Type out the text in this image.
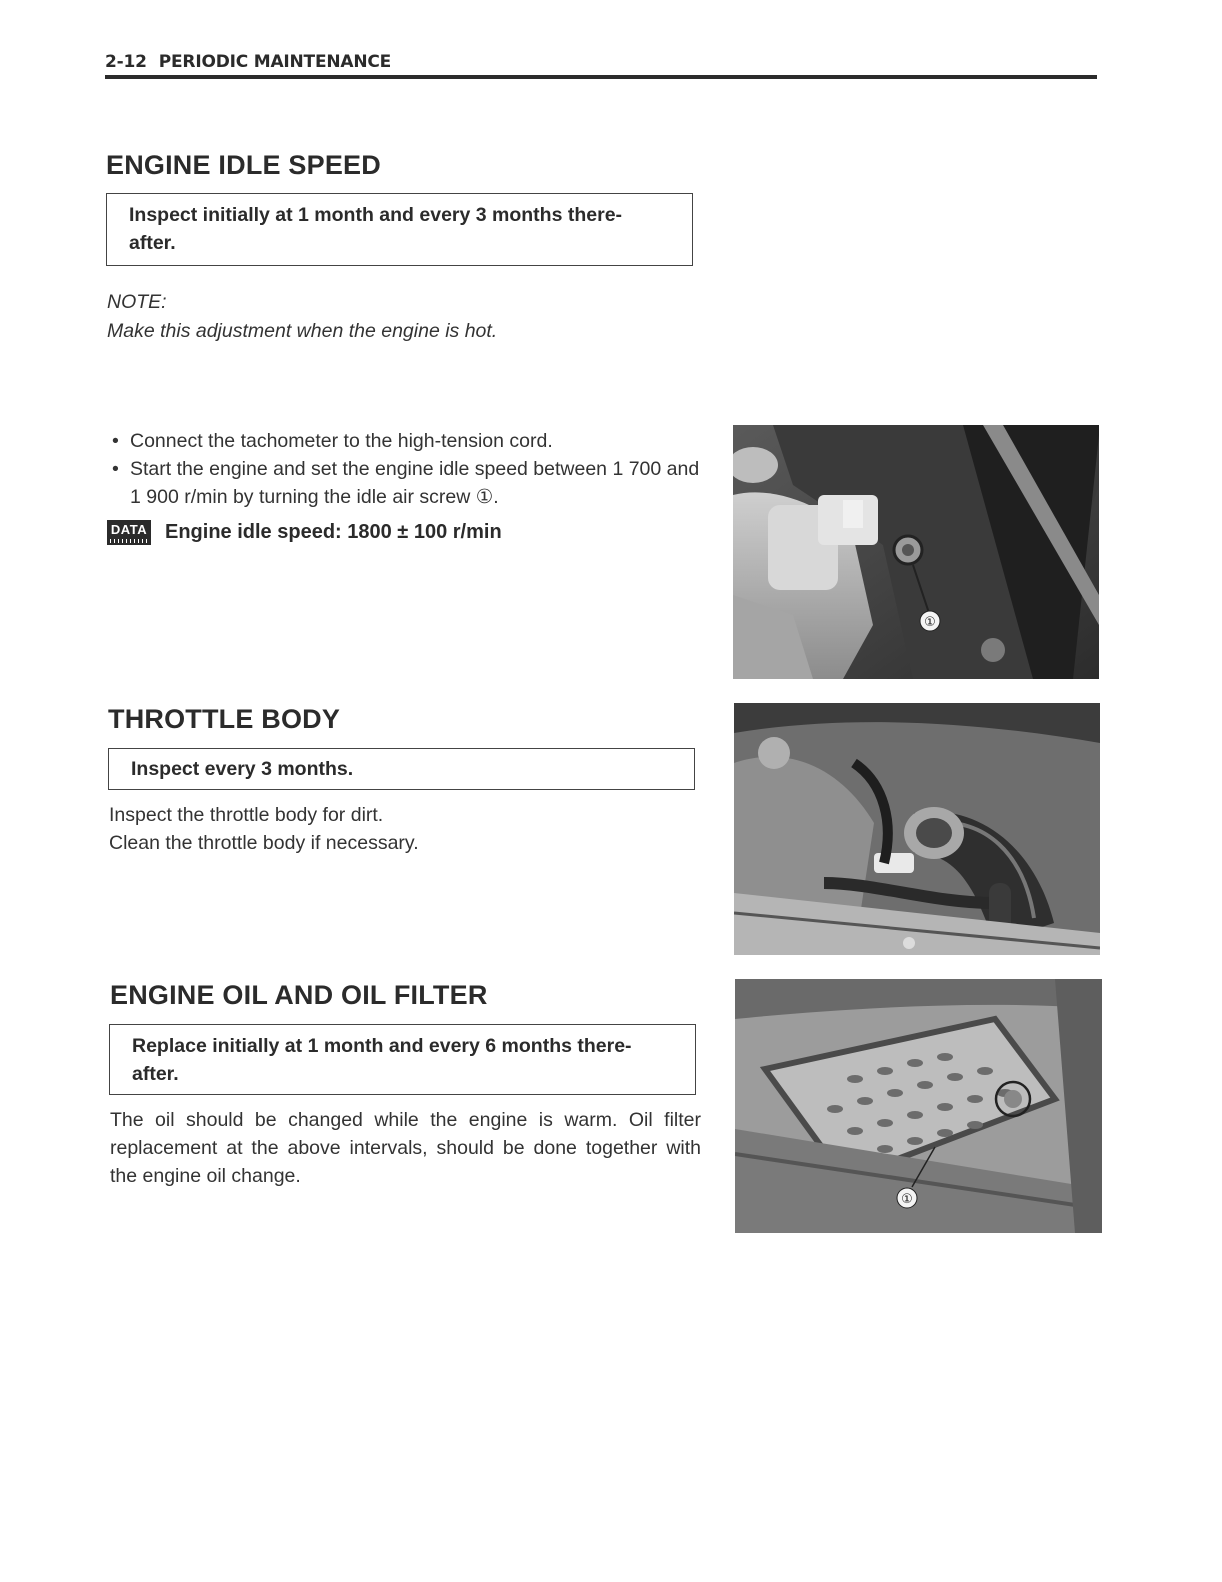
2-12 PERIODIC MAINTENANCE
ENGINE IDLE SPEED
Inspect initially at 1 month and every 3 months there-
after.
NOTE:
Make this adjustment when the engine is hot.
• Connect the tachometer to the high-tension cord.
• Start the engine and set the engine idle speed between 1 700 and 1 900 r/min by turning the idle air screw ①.
DATA Engine idle speed: 1800 ± 100 r/min
①
THROTTLE BODY
Inspect every 3 months.
Inspect the throttle body for dirt.
Clean the throttle body if necessary.
ENGINE OIL AND OIL FILTER
Replace initially at 1 month and every 6 months there-
after.
The oil should be changed while the engine is warm. Oil filter replacement at the above intervals, should be done together with the engine oil change.
①
